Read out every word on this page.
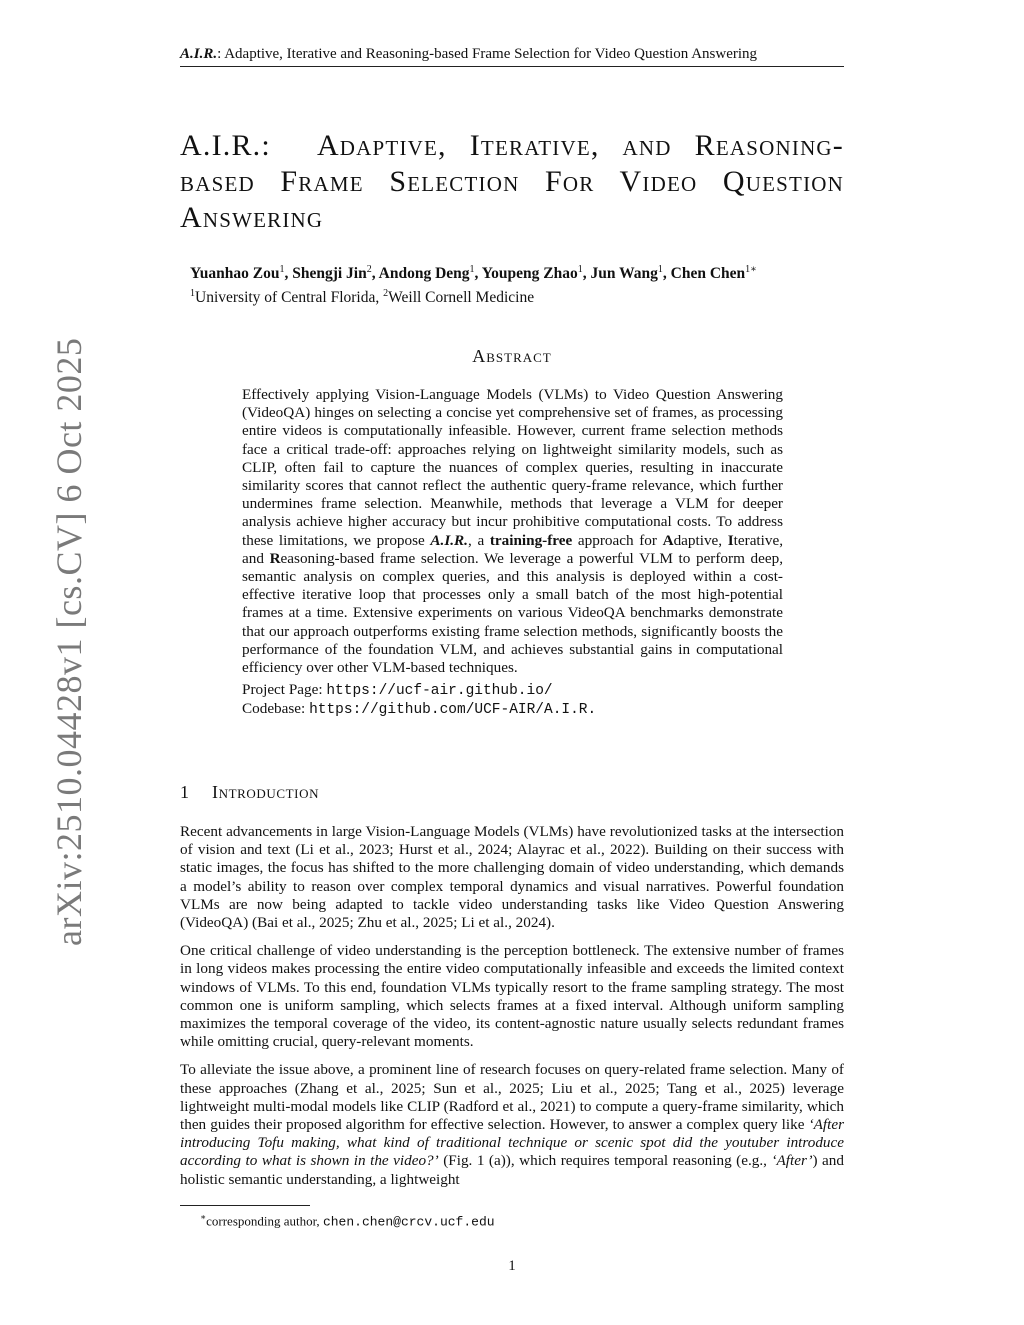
A.I.R.: Adaptive, Iterative and Reasoning-based Frame Selection for Video Question Answering
arXiv:2510.04428v1 [cs.CV] 6 Oct 2025
A.I.R.: Adaptive, Iterative, and Reasoning-based Frame Selection For Video Question Answering
Yuanhao Zou$^1$, Shengji Jin$^2$, Andong Deng$^1$, Youpeng Zhao$^1$, Jun Wang$^1$, Chen Chen$^{1∗}$
$^1$University of Central Florida, $^2$Weill Cornell Medicine
Abstract

Effectively applying Vision-Language Models (VLMs) to Video Question Answering (VideoQA) hinges on selecting a concise yet comprehensive set of frames, as processing entire videos is computationally infeasible. However, current frame selection methods face a critical trade-off: approaches relying on lightweight similarity models, such as CLIP, often fail to capture the nuances of complex queries, resulting in inaccurate similarity scores that cannot reflect the authentic query-frame relevance, which further undermines frame selection. Meanwhile, methods that leverage a VLM for deeper analysis achieve higher accuracy but incur prohibitive computational costs. To address these limitations, we propose A.I.R., a training-free approach for Adaptive, Iterative, and Reasoning-based frame selection. We leverage a powerful VLM to perform deep, semantic analysis on complex queries, and this analysis is deployed within a cost-effective iterative loop that processes only a small batch of the most high-potential frames at a time. Extensive experiments on various VideoQA benchmarks demonstrate that our approach outperforms existing frame selection methods, significantly boosts the performance of the foundation VLM, and achieves substantial gains in computational efficiency over other VLM-based techniques.

Project Page: https://ucf-air.github.io/
Codebase: https://github.com/UCF-AIR/A.I.R.
1 Introduction

Recent advancements in large Vision-Language Models (VLMs) have revolutionized tasks at the intersection of vision and text (Li et al., 2023; Hurst et al., 2024; Alayrac et al., 2022). Building on their success with static images, the focus has shifted to the more challenging domain of video understanding, which demands a model’s ability to reason over complex temporal dynamics and visual narratives. Powerful foundation VLMs are now being adapted to tackle video understanding tasks like Video Question Answering (VideoQA) (Bai et al., 2025; Zhu et al., 2025; Li et al., 2024).

One critical challenge of video understanding is the perception bottleneck. The extensive number of frames in long videos makes processing the entire video computationally infeasible and exceeds the limited context windows of VLMs. To this end, foundation VLMs typically resort to the frame sampling strategy. The most common one is uniform sampling, which selects frames at a fixed interval. Although uniform sampling maximizes the temporal coverage of the video, its content-agnostic nature usually selects redundant frames while omitting crucial, query-relevant moments.

To alleviate the issue above, a prominent line of research focuses on query-related frame selection. Many of these approaches (Zhang et al., 2025; Sun et al., 2025; Liu et al., 2025; Tang et al., 2025) leverage lightweight multi-modal models like CLIP (Radford et al., 2021) to compute a query-frame similarity, which then guides their proposed algorithm for effective selection. However, to answer a complex query like ‘After introducing Tofu making, what kind of traditional technique or scenic spot did the youtuber introduce according to what is shown in the video?’ (Fig. 1 (a)), which requires temporal reasoning (e.g., ‘After’) and holistic semantic understanding, a lightweight

∗corresponding author, chen.chen@crcv.ucf.edu
1
